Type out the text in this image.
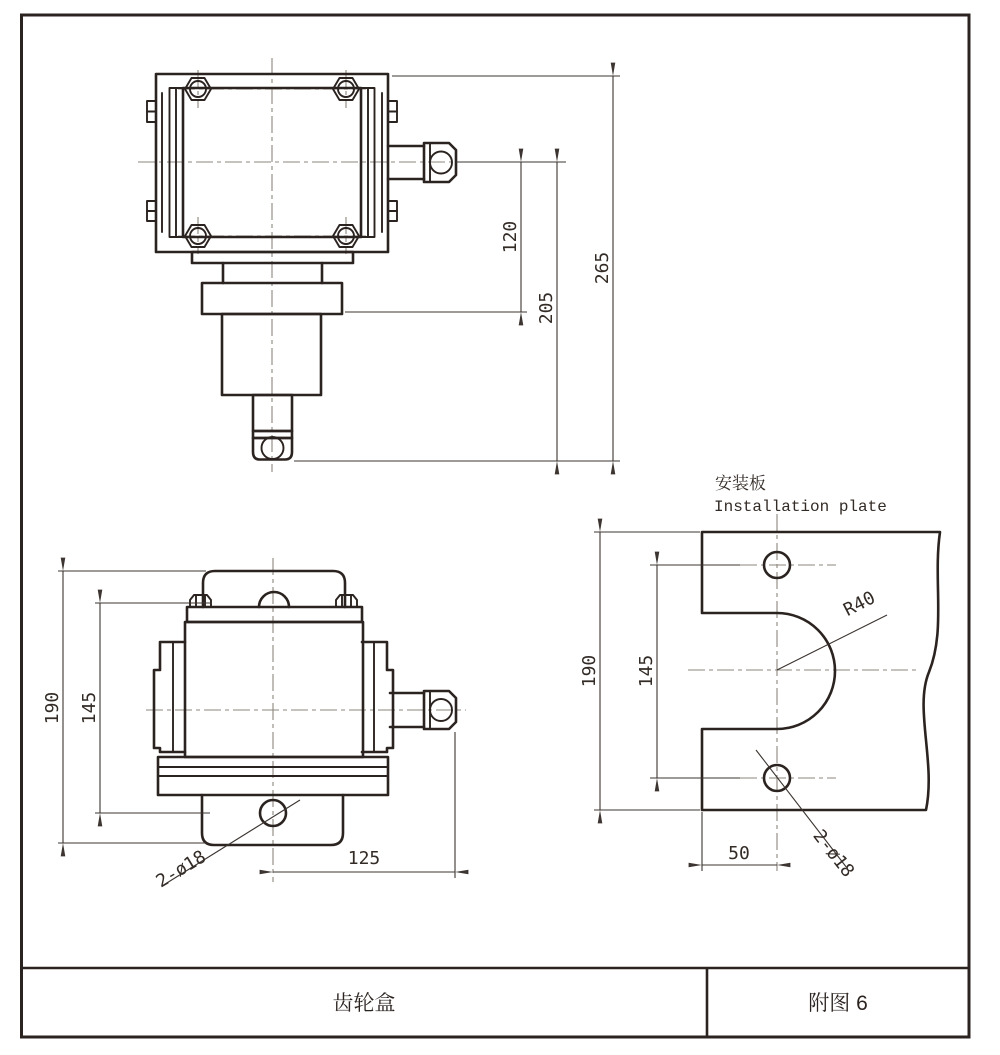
120
205
265
190 145
125
2-ø18
安装板
Installation plate
190 145
50
R40
2-ø18
齿轮盒	附图 6
